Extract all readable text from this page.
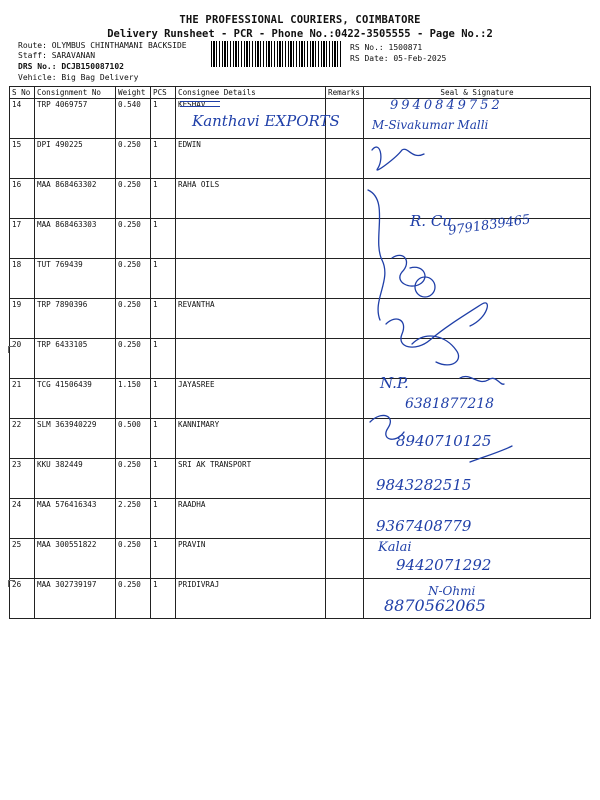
THE PROFESSIONAL COURIERS, COIMBATORE
Delivery Runsheet - PCR - Phone No.:0422-3505555 - Page No.:2
Route: OLYMBUS CHINTHAMANI BACKSIDE
Staff: SARAVANAN
DRS No.: DCJB150087102
Vehicle: Big Bag Delivery
RS No.: 1500871
RS Date: 05-Feb-2025
S No	Consignment No	Weight	PCS	Consignee Details	Remarks	Seal & Signature
14	TRP 4069757	0.540	1	KESHAV		
15	DPI 490225	0.250	1	EDWIN		
16	MAA 868463302	0.250	1	RAHA OILS		
17	MAA 868463303	0.250	1			
18	TUT 769439	0.250	1			
19	TRP 7890396	0.250	1	REVANTHA		
20	TRP 6433105	0.250	1			
21	TCG 41506439	1.150	1	JAYASREE		
22	SLM 363940229	0.500	1	KANNIMARY		
23	KKU 382449	0.250	1	SRI AK TRANSPORT		
24	MAA 576416343	2.250	1	RAADHA		
25	MAA 300551822	0.250	1	PRAVIN		
26	MAA 302739197	0.250	1	PRIDIVRAJ		
Kanthavi EXPORTS
9940849752
M-Sivakumar Malli
R. Cu
9791839465
N.P.
6381877218
8940710125
9843282515
9367408779
Kalai
9442071292
N-Ohmi
8870562065
